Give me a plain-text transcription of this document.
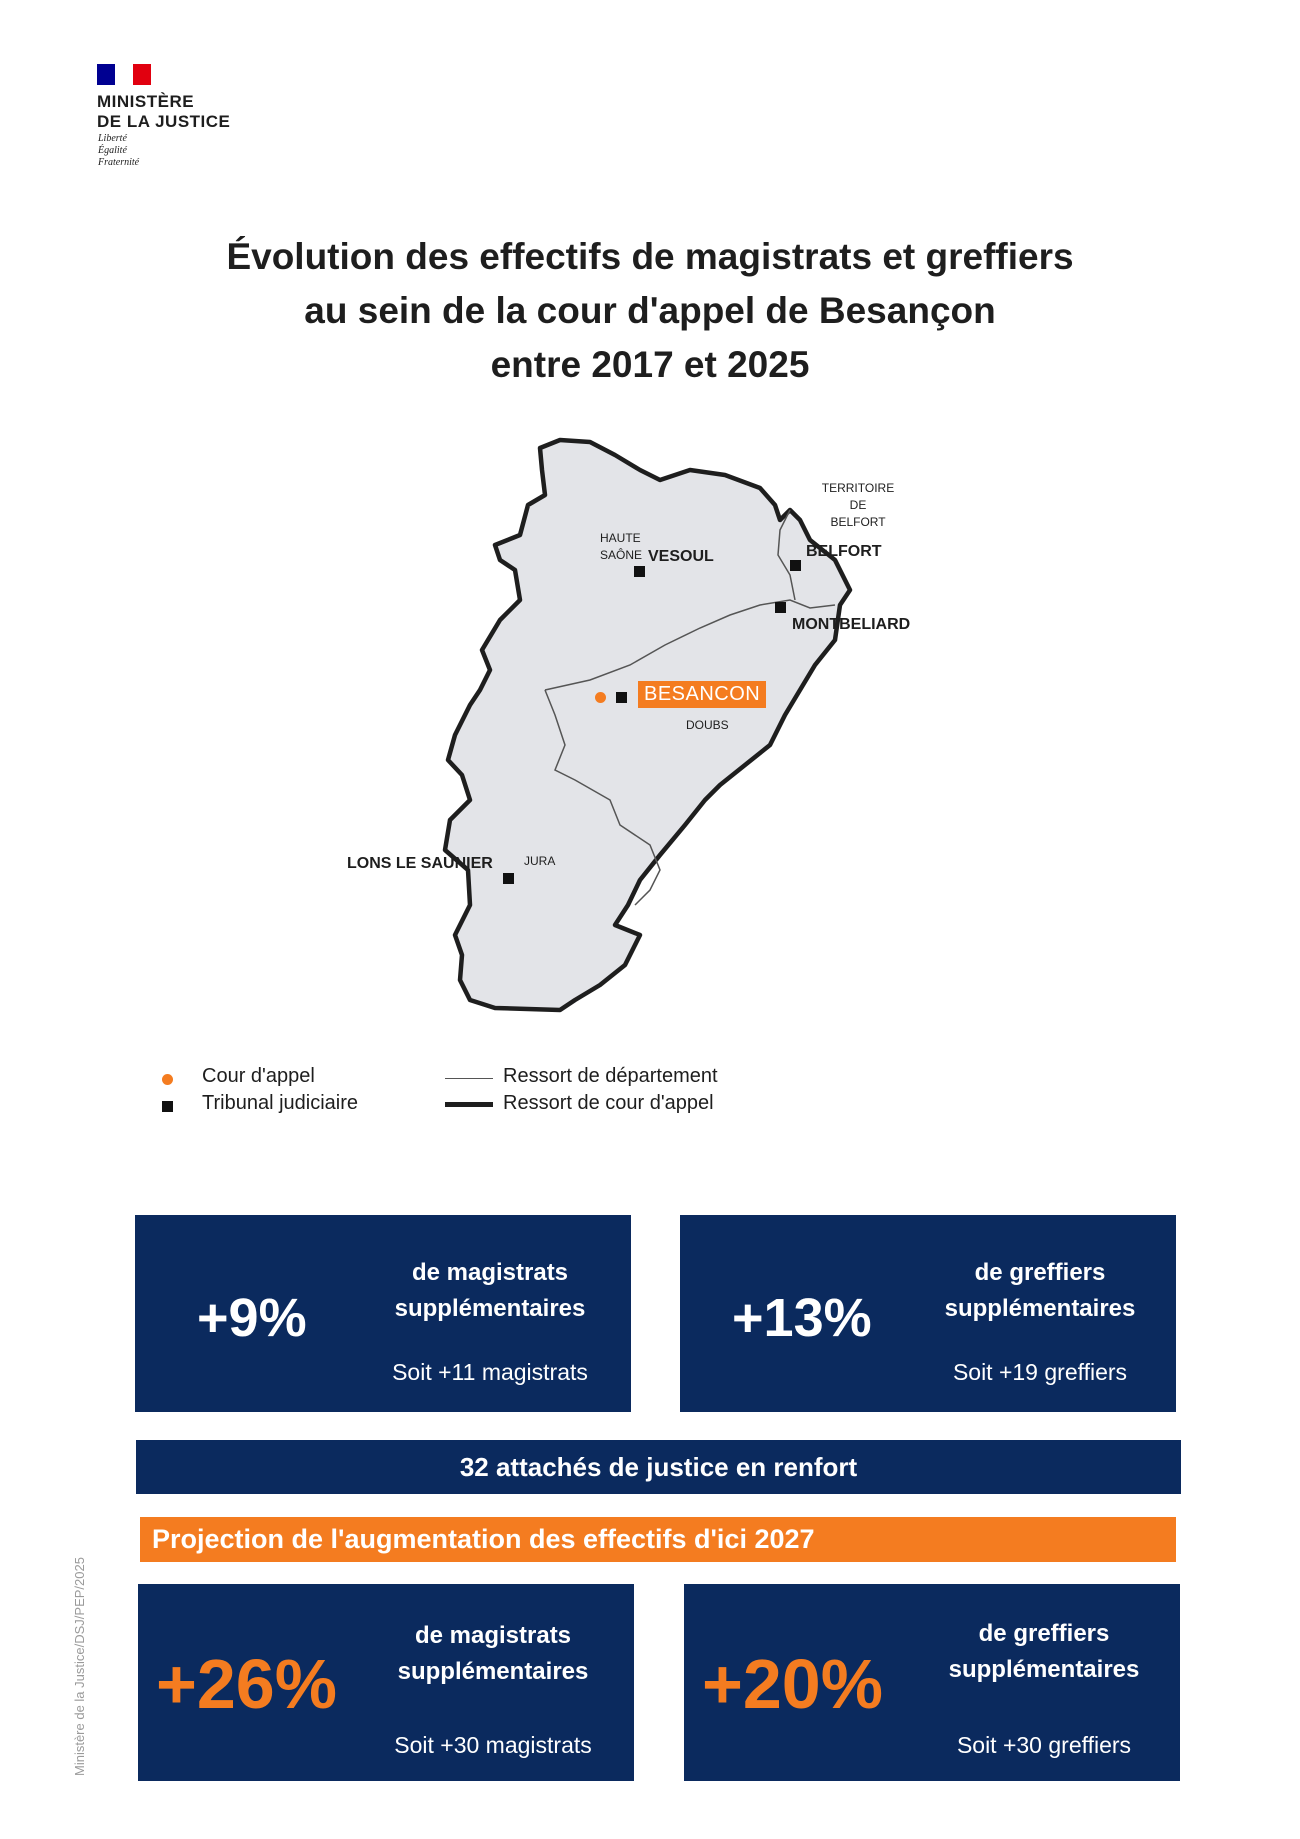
MINISTÈRE
DE LA JUSTICE
Liberté
Égalité
Fraternité
Évolution des effectifs de magistrats et greffiers
au sein de la cour d'appel de Besançon
entre 2017 et 2025
TERRITOIRE
DE
BELFORT
HAUTE
SAÔNE VESOUL	BELFORT
MONTBELIARD
BESANCON
DOUBS
LONS LE SAUNIER	JURA
Cour d'appel
Tribunal judiciaire
Ressort de département
Ressort de cour d'appel
+9%
de magistrats
supplémentaires
Soit +11 magistrats
+13%
de greffiers
supplémentaires
Soit +19 greffiers
32 attachés de justice en renfort
Projection de l'augmentation des effectifs d'ici 2027
+26%
de magistrats
supplémentaires
Soit +30 magistrats
+20%
de greffiers
supplémentaires
Soit +30 greffiers
Ministère de la Justice/DSJ/PEP/2025
